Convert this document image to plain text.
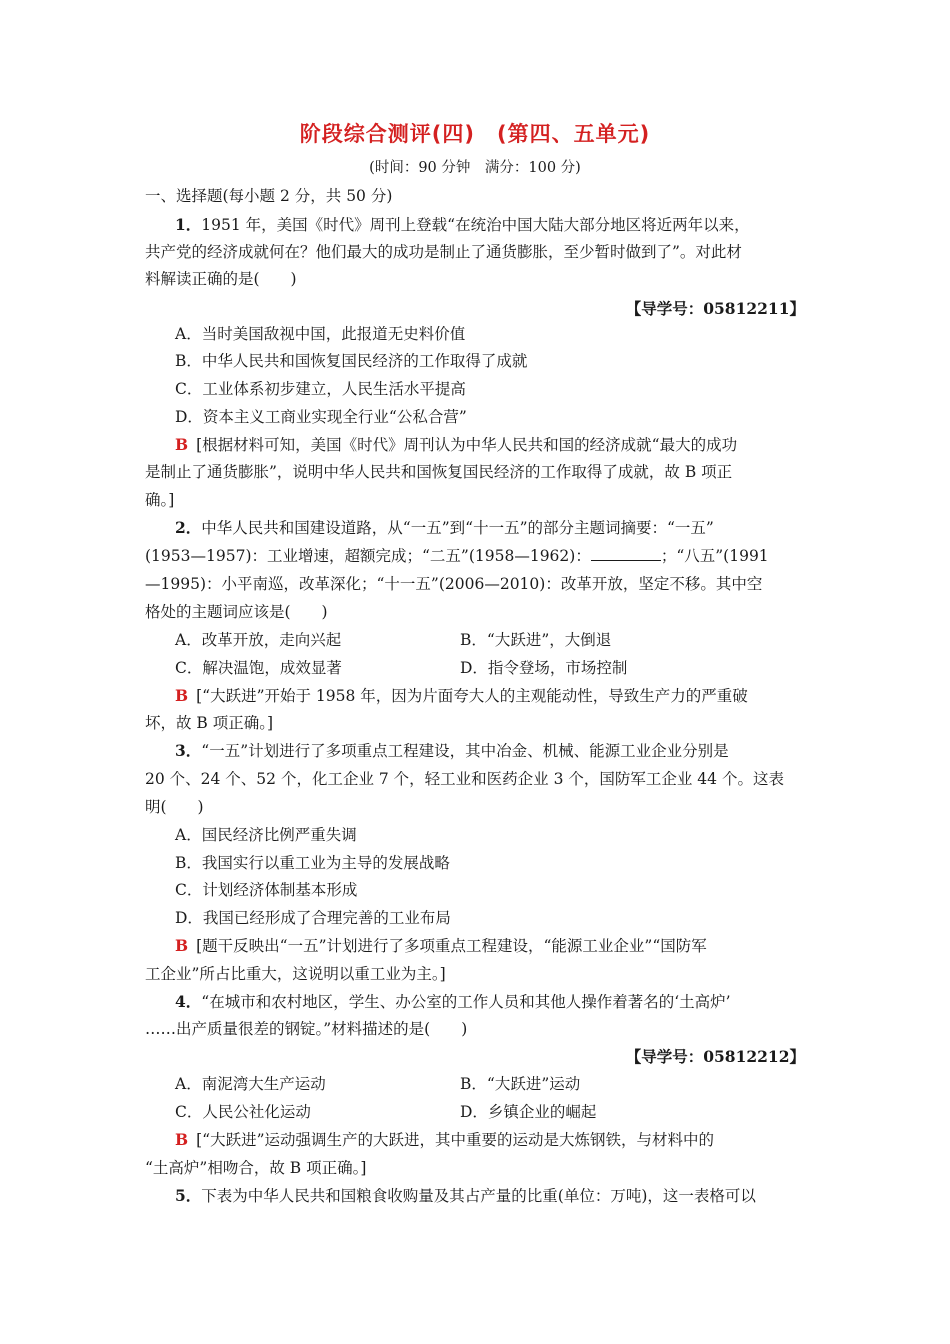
阶段综合测评(四)　(第四、五单元)
(时间：90 分钟　满分：100 分)
一、选择题(每小题 2 分，共 50 分)
1．1951 年，美国《时代》周刊上登载“在统治中国大陆大部分地区将近两年以来，
共产党的经济成就何在？他们最大的成功是制止了通货膨胀，至少暂时做到了”。对此材
料解读正确的是(　　)
【导学号：05812211】
A．当时美国敌视中国，此报道无史料价值
B．中华人民共和国恢复国民经济的工作取得了成就
C．工业体系初步建立，人民生活水平提高
D．资本主义工商业实现全行业“公私合营”
B [根据材料可知，美国《时代》周刊认为中华人民共和国的经济成就“最大的成功
是制止了通货膨胀”，说明中华人民共和国恢复国民经济的工作取得了成就，故 B 项正
确。]
2．中华人民共和国建设道路，从“一五”到“十一五”的部分主题词摘要：“一五”
(1953—1957)：工业增速，超额完成；“二五”(1958—1962)：	；“八五”(1991
—1995)：小平南巡，改革深化；“十一五”(2006—2010)：改革开放，坚定不移。其中空
格处的主题词应该是(　　)
A．改革开放，走向兴起	B．“大跃进”，大倒退
C．解决温饱，成效显著	D．指令登场，市场控制
B [“大跃进”开始于 1958 年，因为片面夸大人的主观能动性，导致生产力的严重破
坏，故 B 项正确。]
3．“一五”计划进行了多项重点工程建设，其中冶金、机械、能源工业企业分别是
20 个、24 个、52 个，化工企业 7 个，轻工业和医药企业 3 个，国防军工企业 44 个。这表
明(　　)
A．国民经济比例严重失调
B．我国实行以重工业为主导的发展战略
C．计划经济体制基本形成
D．我国已经形成了合理完善的工业布局
B [题干反映出“一五”计划进行了多项重点工程建设，“能源工业企业”“国防军
工企业”所占比重大，这说明以重工业为主。]
4．“在城市和农村地区，学生、办公室的工作人员和其他人操作着著名的‘土高炉’
……出产质量很差的钢锭。”材料描述的是(　　)
【导学号：05812212】
A．南泥湾大生产运动	B．“大跃进”运动
C．人民公社化运动	D．乡镇企业的崛起
B [“大跃进”运动强调生产的大跃进，其中重要的运动是大炼钢铁，与材料中的
“土高炉”相吻合，故 B 项正确。]
5．下表为中华人民共和国粮食收购量及其占产量的比重(单位：万吨)，这一表格可以
